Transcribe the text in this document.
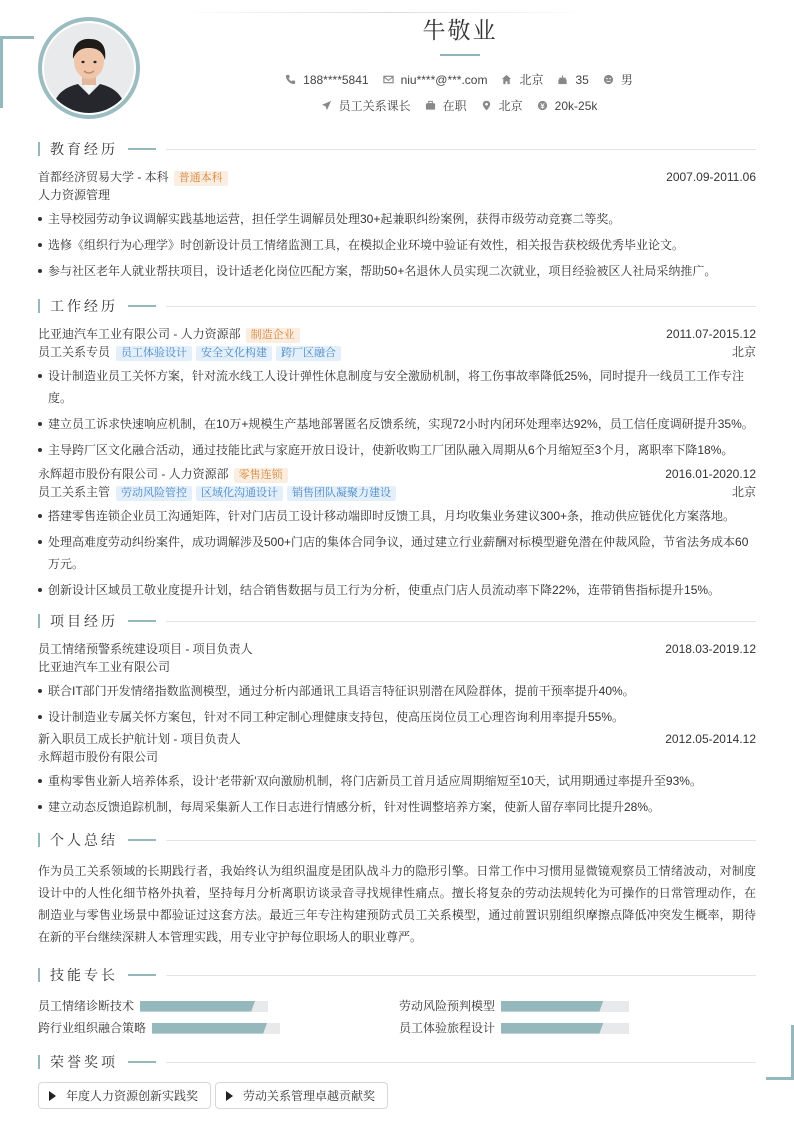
牛敬业
188****5841	niu****@***.com	北京	35	男
员工关系课长	在职	北京	20k-25k
教育经历
首都经济贸易大学 - 本科 普通本科	2007.09-2011.06
人力资源管理
主导校园劳动争议调解实践基地运营，担任学生调解员处理30+起兼职纠纷案例，获得市级劳动竞赛二等奖。
选修《组织行为心理学》时创新设计员工情绪监测工具，在模拟企业环境中验证有效性，相关报告获校级优秀毕业论文。
参与社区老年人就业帮扶项目，设计适老化岗位匹配方案，帮助50+名退休人员实现二次就业，项目经验被区人社局采纳推广。
工作经历
比亚迪汽车工业有限公司 - 人力资源部 制造企业	2011.07-2015.12
员工关系专员 员工体验设计 安全文化构建 跨厂区融合	北京
设计制造业员工关怀方案，针对流水线工人设计弹性休息制度与安全激励机制，将工伤事故率降低25%，同时提升一线员工工作专注度。
建立员工诉求快速响应机制，在10万+规模生产基地部署匿名反馈系统，实现72小时内闭环处理率达92%，员工信任度调研提升35%。
主导跨厂区文化融合活动，通过技能比武与家庭开放日设计，使新收购工厂团队融入周期从6个月缩短至3个月，离职率下降18%。
永辉超市股份有限公司 - 人力资源部 零售连锁	2016.01-2020.12
员工关系主管 劳动风险管控 区域化沟通设计 销售团队凝聚力建设	北京
搭建零售连锁企业员工沟通矩阵，针对门店员工设计移动端即时反馈工具，月均收集业务建议300+条，推动供应链优化方案落地。
处理高难度劳动纠纷案件，成功调解涉及500+门店的集体合同争议，通过建立行业薪酬对标模型避免潜在仲裁风险，节省法务成本60万元。
创新设计区域员工敬业度提升计划，结合销售数据与员工行为分析，使重点门店人员流动率下降22%，连带销售指标提升15%。
项目经历
员工情绪预警系统建设项目 - 项目负责人	2018.03-2019.12
比亚迪汽车工业有限公司
联合IT部门开发情绪指数监测模型，通过分析内部通讯工具语言特征识别潜在风险群体，提前干预率提升40%。
设计制造业专属关怀方案包，针对不同工种定制心理健康支持包，使高压岗位员工心理咨询利用率提升55%。
新入职员工成长护航计划 - 项目负责人	2012.05-2014.12
永辉超市股份有限公司
重构零售业新人培养体系，设计'老带新'双向激励机制，将门店新员工首月适应周期缩短至10天，试用期通过率提升至93%。
建立动态反馈追踪机制，每周采集新人工作日志进行情感分析，针对性调整培养方案，使新人留存率同比提升28%。
个人总结
作为员工关系领域的长期践行者，我始终认为组织温度是团队战斗力的隐形引擎。日常工作中习惯用显微镜观察员工情绪波动，对制度设计中的人性化细节格外执着，坚持每月分析离职访谈录音寻找规律性痛点。擅长将复杂的劳动法规转化为可操作的日常管理动作，在制造业与零售业场景中都验证过这套方法。最近三年专注构建预防式员工关系模型，通过前置识别组织摩擦点降低冲突发生概率，期待在新的平台继续深耕人本管理实践，用专业守护每位职场人的职业尊严。
技能专长
员工情绪诊断技术	劳动风险预判模型
跨行业组织融合策略	员工体验旅程设计
荣誉奖项
年度人力资源创新实践奖	劳动关系管理卓越贡献奖
